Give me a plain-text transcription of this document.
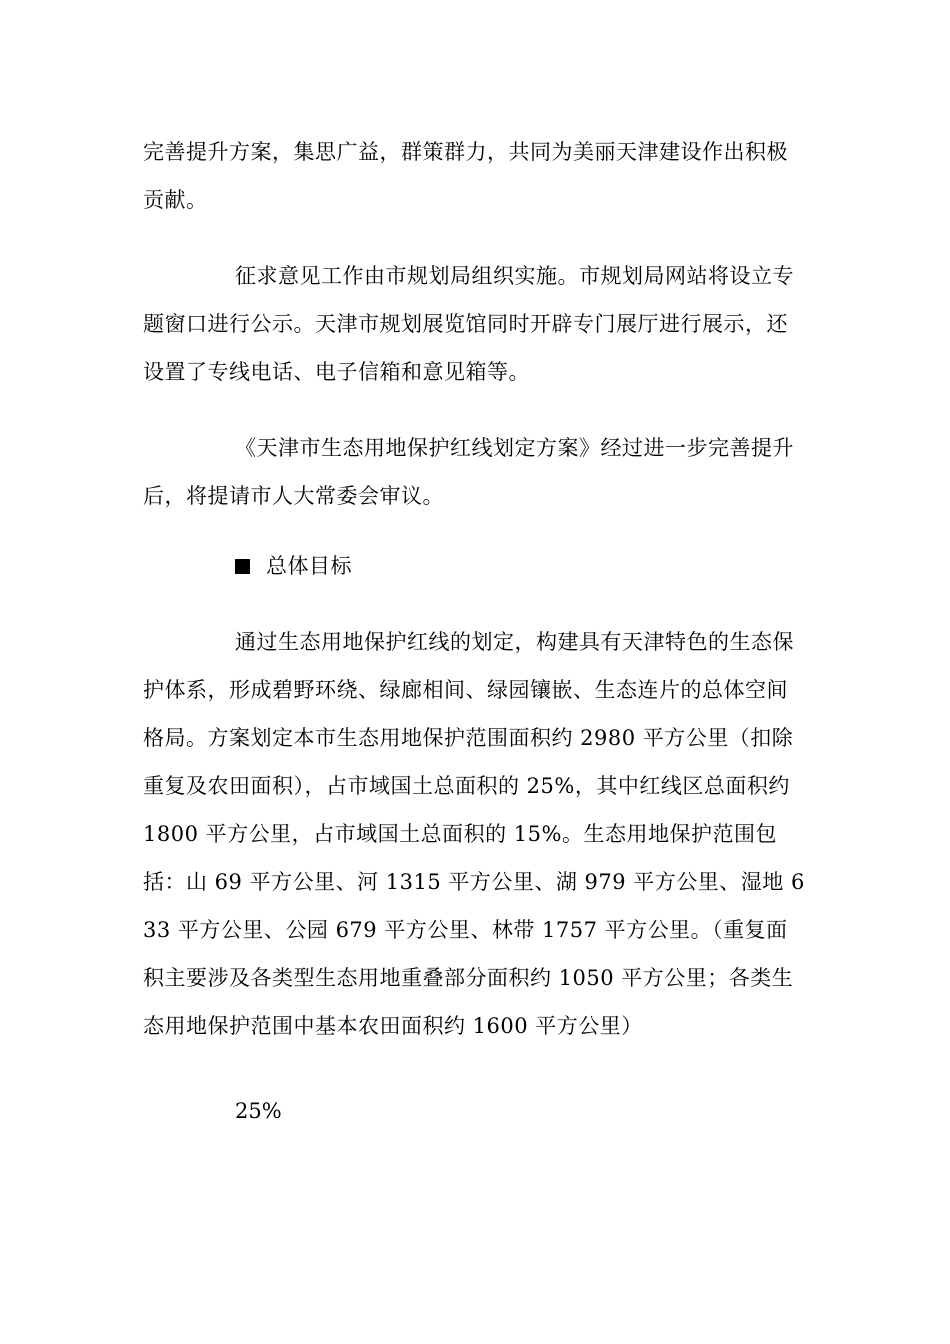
完善提升方案，集思广益，群策群力，共同为美丽天津建设作出积极贡献。

征求意见工作由市规划局组织实施。市规划局网站将设立专题窗口进行公示。天津市规划展览馆同时开辟专门展厅进行展示，还设置了专线电话、电子信箱和意见箱等。

《天津市生态用地保护红线划定方案》经过进一步完善提升后，将提请市人大常委会审议。

总体目标

通过生态用地保护红线的划定，构建具有天津特色的生态保护体系，形成碧野环绕、绿廊相间、绿园镶嵌、生态连片的总体空间格局。方案划定本市生态用地保护范围面积约 2980 平方公里（扣除重复及农田面积），占市域国土总面积的 25%，其中红线区总面积约 1800 平方公里，占市域国土总面积的 15%。生态用地保护范围包括：山 69 平方公里、河 1315 平方公里、湖 979 平方公里、湿地 633 平方公里、公园 679 平方公里、林带 1757 平方公里。（重复面积主要涉及各类型生态用地重叠部分面积约 1050 平方公里；各类生态用地保护范围中基本农田面积约 1600 平方公里）

25%
